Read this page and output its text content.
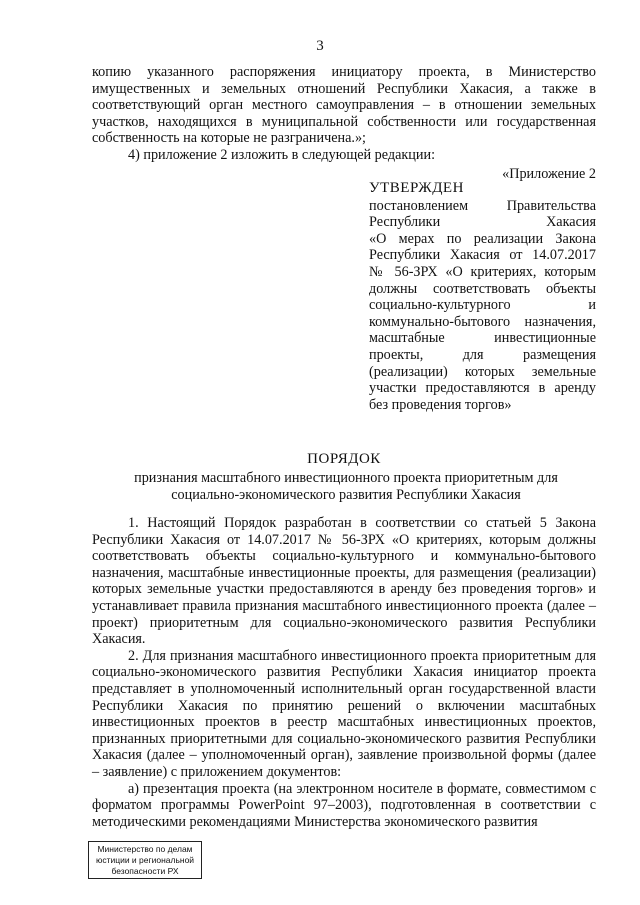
3

копию указанного распоряжения инициатору проекта, в Министерство имущественных и земельных отношений Республики Хакасия, а также в соответствующий орган местного самоуправления – в отношении земельных участков, находящихся в муниципальной собственности или государственная собственность на которые не разграничена.»;

4) приложение 2 изложить в следующей редакции:

«Приложение 2

УТВЕРЖДЕН

постановлением Правительства

Республики Хакасия

«О мерах по реализации Закона

Республики Хакасия от 14.07.2017

№ 56-ЗРХ «О критериях, которым

должны соответствовать объекты

социально-культурного и

коммунально-бытового назначения,

масштабные инвестиционные

проекты, для размещения

(реализации) которых земельные

участки предоставляются в аренду

без проведения торгов»

ПОРЯДОК
признания масштабного инвестиционного проекта приоритетным для социально-экономического развития Республики Хакасия

1. Настоящий Порядок разработан в соответствии со статьей 5 Закона Республики Хакасия от 14.07.2017 № 56-ЗРХ «О критериях, которым должны соответствовать объекты социально-культурного и коммунально-бытового назначения, масштабные инвестиционные проекты, для размещения (реализации) которых земельные участки предоставляются в аренду без проведения торгов» и устанавливает правила признания масштабного инвестиционного проекта (далее – проект) приоритетным для социально-экономического развития Республики Хакасия.

2. Для признания масштабного инвестиционного проекта приоритетным для социально-экономического развития Республики Хакасия инициатор проекта представляет в уполномоченный исполнительный орган государственной власти Республики Хакасия по принятию решений о включении масштабных инвестиционных проектов в реестр масштабных инвестиционных проектов, признанных приоритетными для социально-экономического развития Республики Хакасия (далее – уполномоченный орган), заявление произвольной формы (далее – заявление) с приложением документов:

а) презентация проекта (на электронном носителе в формате, совместимом с форматом программы PowerPoint 97–2003), подготовленная в соответствии с методическими рекомендациями Министерства экономического развития

Министерство по делам
юстиции и региональной
безопасности РХ
